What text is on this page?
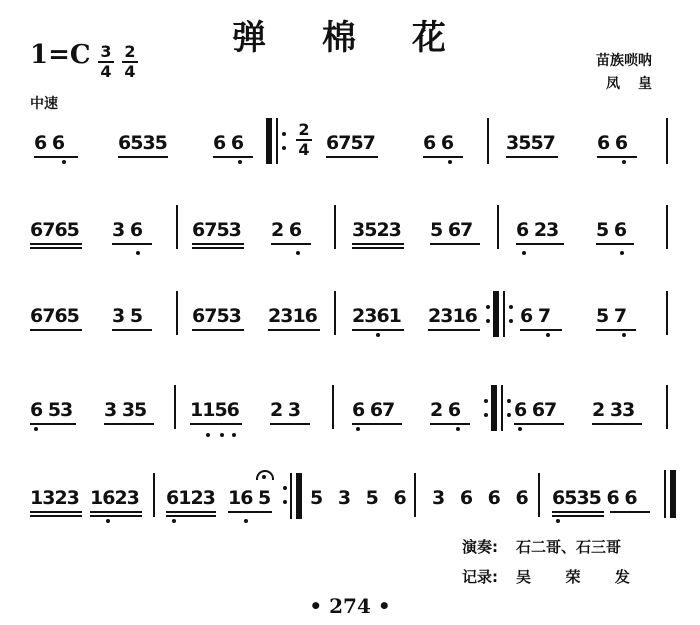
弹 棉 花
1=C 3
4
2
4
中速
苗族唢呐
凤皇
6 6	6535 6 6
2
4 6757	6 6	3557 6 6
6765 3 6	6753 2 6	3523 5 67 6 23 5 6
6765 3 5	6753 2316 2361 2316 6 7 5 7
6 53 3 35 1156 2 3	6 67 2 6	6 67 2 33
1323 1623 6123 16 5 5 3 5 6 3 6 6 6 6535 6 6
演奏: 石二哥、石三哥
记录: 吴  荣  发
• 274 •
